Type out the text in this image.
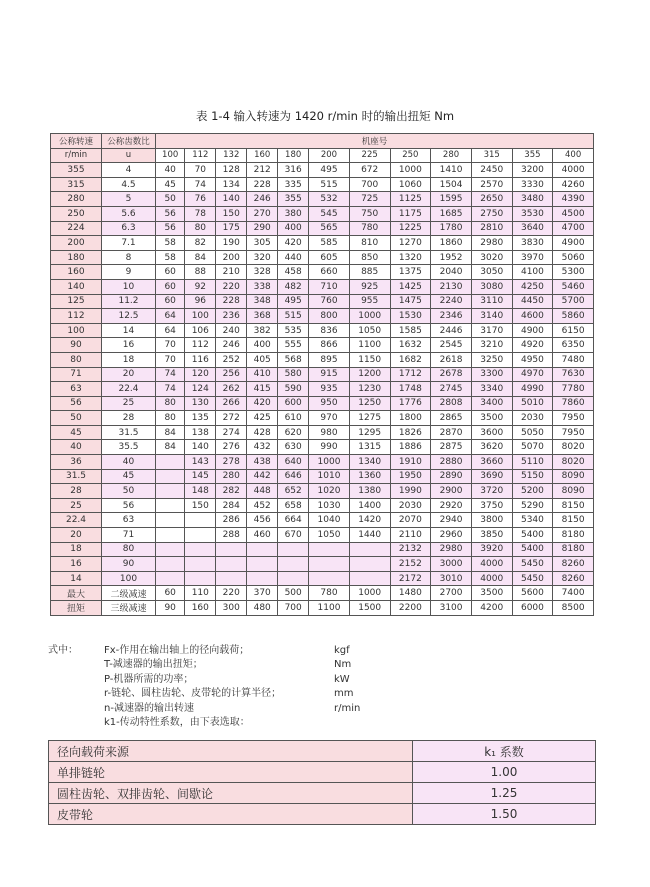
表 1-4 输入转速为 1420 r/min 时的输出扭矩 Nm
公称转速	公称齿数比	机座号											
r/min	u	100	112	132	160	180	200	225	250	280	315	355	400
355	4	40	70	128	212	316	495	672	1000	1410	2450	3200	4000
315	4.5	45	74	134	228	335	515	700	1060	1504	2570	3330	4260
280	5	50	76	140	246	355	532	725	1125	1595	2650	3480	4390
250	5.6	56	78	150	270	380	545	750	1175	1685	2750	3530	4500
224	6.3	56	80	175	290	400	565	780	1225	1780	2810	3640	4700
200	7.1	58	82	190	305	420	585	810	1270	1860	2980	3830	4900
180	8	58	84	200	320	440	605	850	1320	1952	3020	3970	5060
160	9	60	88	210	328	458	660	885	1375	2040	3050	4100	5300
140	10	60	92	220	338	482	710	925	1425	2130	3080	4250	5460
125	11.2	60	96	228	348	495	760	955	1475	2240	3110	4450	5700
112	12.5	64	100	236	368	515	800	1000	1530	2346	3140	4600	5860
100	14	64	106	240	382	535	836	1050	1585	2446	3170	4900	6150
90	16	70	112	246	400	555	866	1100	1632	2545	3210	4920	6350
80	18	70	116	252	405	568	895	1150	1682	2618	3250	4950	7480
71	20	74	120	256	410	580	915	1200	1712	2678	3300	4970	7630
63	22.4	74	124	262	415	590	935	1230	1748	2745	3340	4990	7780
56	25	80	130	266	420	600	950	1250	1776	2808	3400	5010	7860
50	28	80	135	272	425	610	970	1275	1800	2865	3500	2030	7950
45	31.5	84	138	274	428	620	980	1295	1826	2870	3600	5050	7950
40	35.5	84	140	276	432	630	990	1315	1886	2875	3620	5070	8020
36	40		143	278	438	640	1000	1340	1910	2880	3660	5110	8020
31.5	45		145	280	442	646	1010	1360	1950	2890	3690	5150	8090
28	50		148	282	448	652	1020	1380	1990	2900	3720	5200	8090
25	56		150	284	452	658	1030	1400	2030	2920	3750	5290	8150
22.4	63			286	456	664	1040	1420	2070	2940	3800	5340	8150
20	71			288	460	670	1050	1440	2110	2960	3850	5400	8180
18	80								2132	2980	3920	5400	8180
16	90								2152	3000	4000	5450	8260
14	100								2172	3010	4000	5450	8260
最大	二级减速	60	110	220	370	500	780	1000	1480	2700	3500	5600	7400
扭矩	三级减速	90	160	300	480	700	1100	1500	2200	3100	4200	6000	8500
式中：	Fx-作用在输出轴上的径向载荷；	kgf
T-减速器的输出扭矩；	Nm
P-机器所需的功率；	kW
r-链轮、圆柱齿轮、皮带轮的计算半径；	mm
n-减速器的输出转速	r/min
k1-传动特性系数，由下表选取：
径向载荷来源	k₁ 系数
单排链轮	1.00
圆柱齿轮、双排齿轮、间歇论	1.25
皮带轮	1.50
